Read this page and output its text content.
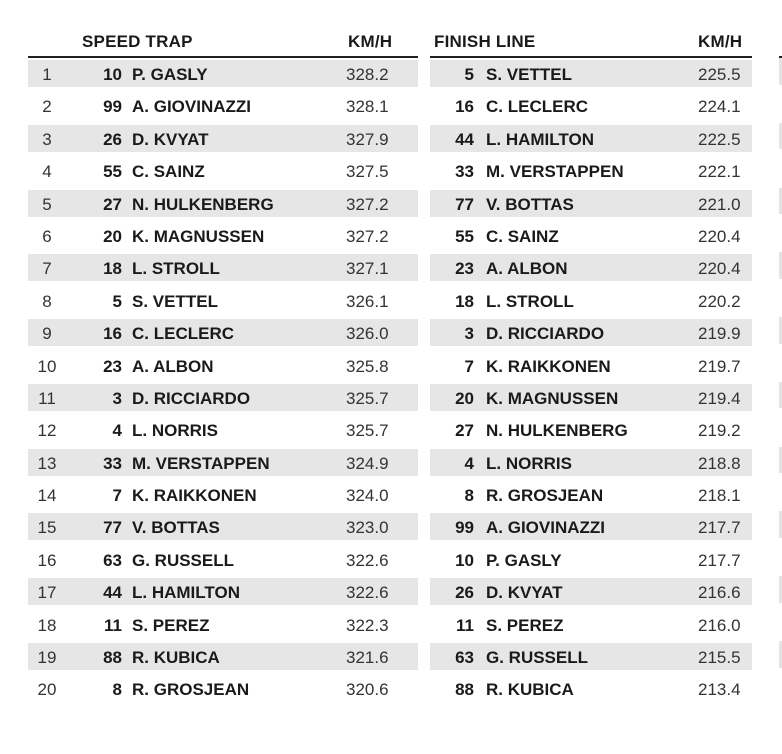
SPEED TRAP	KM/H
1	10 P. GASLY	328.2
2	99 A. GIOVINAZZI	328.1
3	26 D. KVYAT	327.9
4	55 C. SAINZ	327.5
5	27 N. HULKENBERG	327.2
6	20 K. MAGNUSSEN	327.2
7	18 L. STROLL	327.1
8	5 S. VETTEL	326.1
9	16 C. LECLERC	326.0
10	23 A. ALBON	325.8
11	3 D. RICCIARDO	325.7
12	4 L. NORRIS	325.7
13	33 M. VERSTAPPEN	324.9
14	7 K. RAIKKONEN	324.0
15	77 V. BOTTAS	323.0
16	63 G. RUSSELL	322.6
17	44 L. HAMILTON	322.6
18	11 S. PEREZ	322.3
19	88 R. KUBICA	321.6
20	8 R. GROSJEAN	320.6
FINISH LINE	KM/H
5 S. VETTEL	225.5
16 C. LECLERC	224.1
44 L. HAMILTON	222.5
33 M. VERSTAPPEN	222.1
77 V. BOTTAS	221.0
55 C. SAINZ	220.4
23 A. ALBON	220.4
18 L. STROLL	220.2
3 D. RICCIARDO	219.9
7 K. RAIKKONEN	219.7
20 K. MAGNUSSEN	219.4
27 N. HULKENBERG	219.2
4 L. NORRIS	218.8
8 R. GROSJEAN	218.1
99 A. GIOVINAZZI	217.7
10 P. GASLY	217.7
26 D. KVYAT	216.6
11 S. PEREZ	216.0
63 G. RUSSELL	215.5
88 R. KUBICA	213.4
